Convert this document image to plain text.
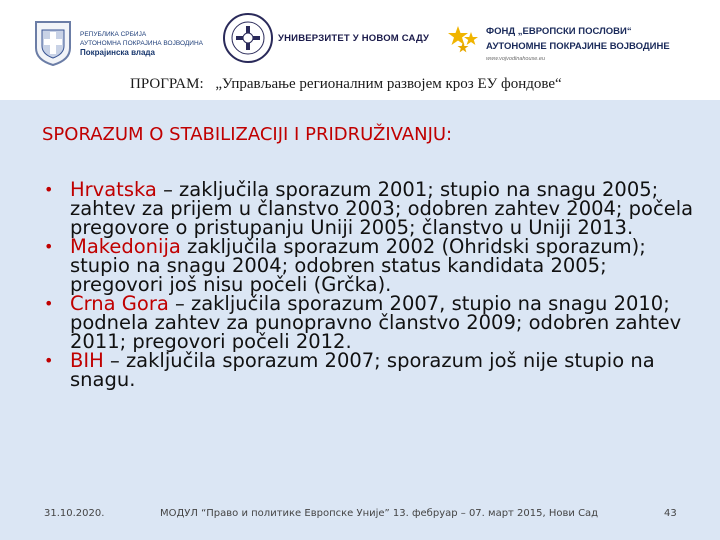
РЕПУБЛИКА СРБИЈА
АУТОНОМНА ПОКРАЈИНА ВОЈВОДИНА
Покрајинска влада
УНИВЕРЗИТЕТ У НОВОМ САДУ
ФОНД „ЕВРОПСКИ ПОСЛОВИ“
АУТОНОМНЕ ПОКРАЈИНЕ ВОЈВОДИНЕ
www.vojvodinahouse.eu
ПРОГРАМ: „Управљање регионалним развојем кроз ЕУ фондове“
SPORAZUM O STABILIZACIJI I PRIDRUŽIVANJU:
• Hrvatska – zaključila sporazum 2001; stupio na snagu 2005; zahtev za prijem u članstvo 2003; odobren zahtev 2004; počela pregovore o pristupanju Uniji 2005; članstvo u Uniji 2013.
• Makedonija zaključila sporazum 2002 (Ohridski sporazum); stupio na snagu 2004; odobren status kandidata 2005; pregovori još nisu počeli (Grčka).
• Crna Gora – zaključila sporazum 2007, stupio na snagu 2010; podnela zahtev za punopravno članstvo 2009; odobren zahtev 2011; pregovori počeli 2012.
• BIH – zaključila sporazum 2007; sporazum još nije stupio na snagu.
31.10.2020.	МОДУЛ “Право и политике Европске Уније” 13. фебруар – 07. март 2015, Нови Сад	43
